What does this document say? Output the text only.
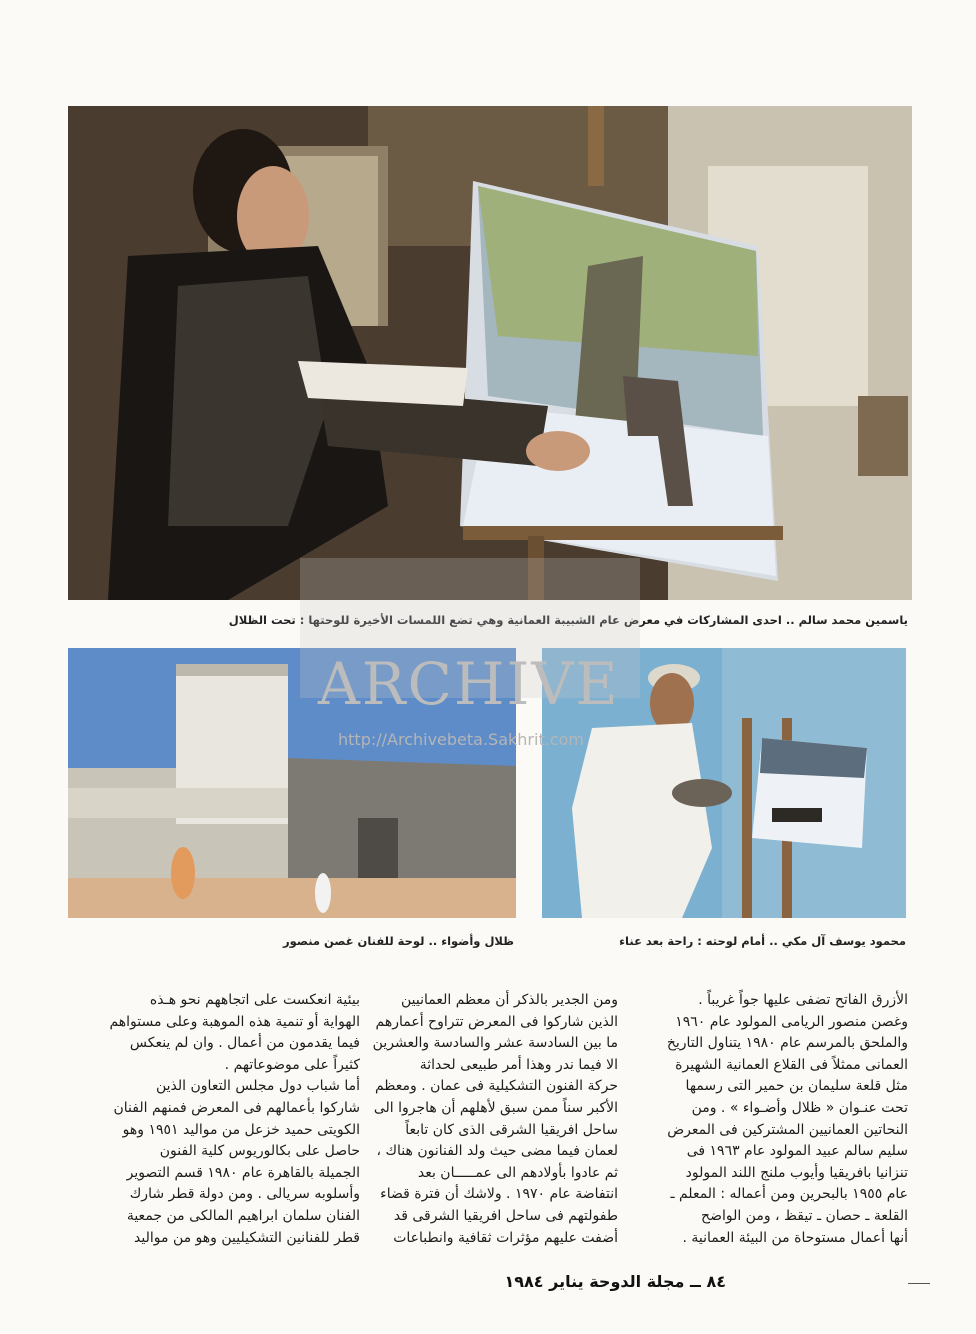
ياسمين محمد سالم .. احدى المشاركات في معرض عام الشبيبة العمانية وهي تضع اللمسات الأخيرة للوحتها : تحت الظلال
محمود يوسف آل مكي .. أمام لوحته : راحة بعد عناء
ظلال وأضواء .. لوحة للفنان غصن منصور
ARCHIVE
http://Archivebeta.Sakhrit.com

الأزرق الفاتح تضفى عليها جواً غريباً .

وغصن منصور الريامى المولود عام ١٩٦٠

والملحق بالمرسم عام ١٩٨٠ يتناول التاريخ

العمانى ممثلاً فى القلاع العمانية الشهيرة

مثل قلعة سليمان بن حمير التى رسمها

تحت عنـوان « ظلال وأضـواء » . ومن

النحاتين العمانيين المشتركين فى المعرض

سليم سالم عبيد المولود عام ١٩٦٣ فى

تنزانيا بافريقيا وأيوب ملنج اللند المولود

عام ١٩٥٥ بالبحرين ومن أعماله : المعلم ـ

القلعة ـ حصان ـ تيقظ ، ومن الواضح

أنها أعمال مستوحاة من البيئة العمانية .

ومن الجدير بالذكر أن معظم العمانيين

الذين شاركوا فى المعرض تتراوح أعمارهم

ما بين السادسة عشر والسادسة والعشرين

الا فيما ندر وهذا أمر طبيعى لحداثة

حركة الفنون التشكيلية فى عمان . ومعظم

الأكبر سناً ممن سبق لأهلهم أن هاجروا الى

ساحل افريقيا الشرقى الذى كان تابعاً

لعمان فيما مضى حيث ولد الفنانون هناك ،

ثم عادوا بأولادهم الى عمـــــان بعد

انتفاضة عام ١٩٧٠ . ولاشك أن فترة قضاء

طفولتهم فى ساحل افريقيا الشرقى قد

أضفت عليهم مؤثرات ثقافية وانطباعات

بيئية انعكست على اتجاههم نحو هـذه

الهواية أو تنمية هذه الموهبة وعلى مستواهم

فيما يقدمون من أعمال . وان لم ينعكس

كثيراً على موضوعاتهم .

أما شباب دول مجلس التعاون الذين

شاركوا بأعمالهم فى المعرض فمنهم الفنان

الكويتى حميد خزعل من مواليد ١٩٥١ وهو

حاصل على بكالوريوس كلية الفنون

الجميلة بالقاهرة عام ١٩٨٠ قسم التصوير

وأسلوبه سريالى . ومن دولة قطر شارك

الفنان سلمان ابراهيم المالكى من جمعية

قطر للفنانين التشكيليين وهو من مواليد

٨٤ ــ مجلة الدوحة يناير ١٩٨٤
